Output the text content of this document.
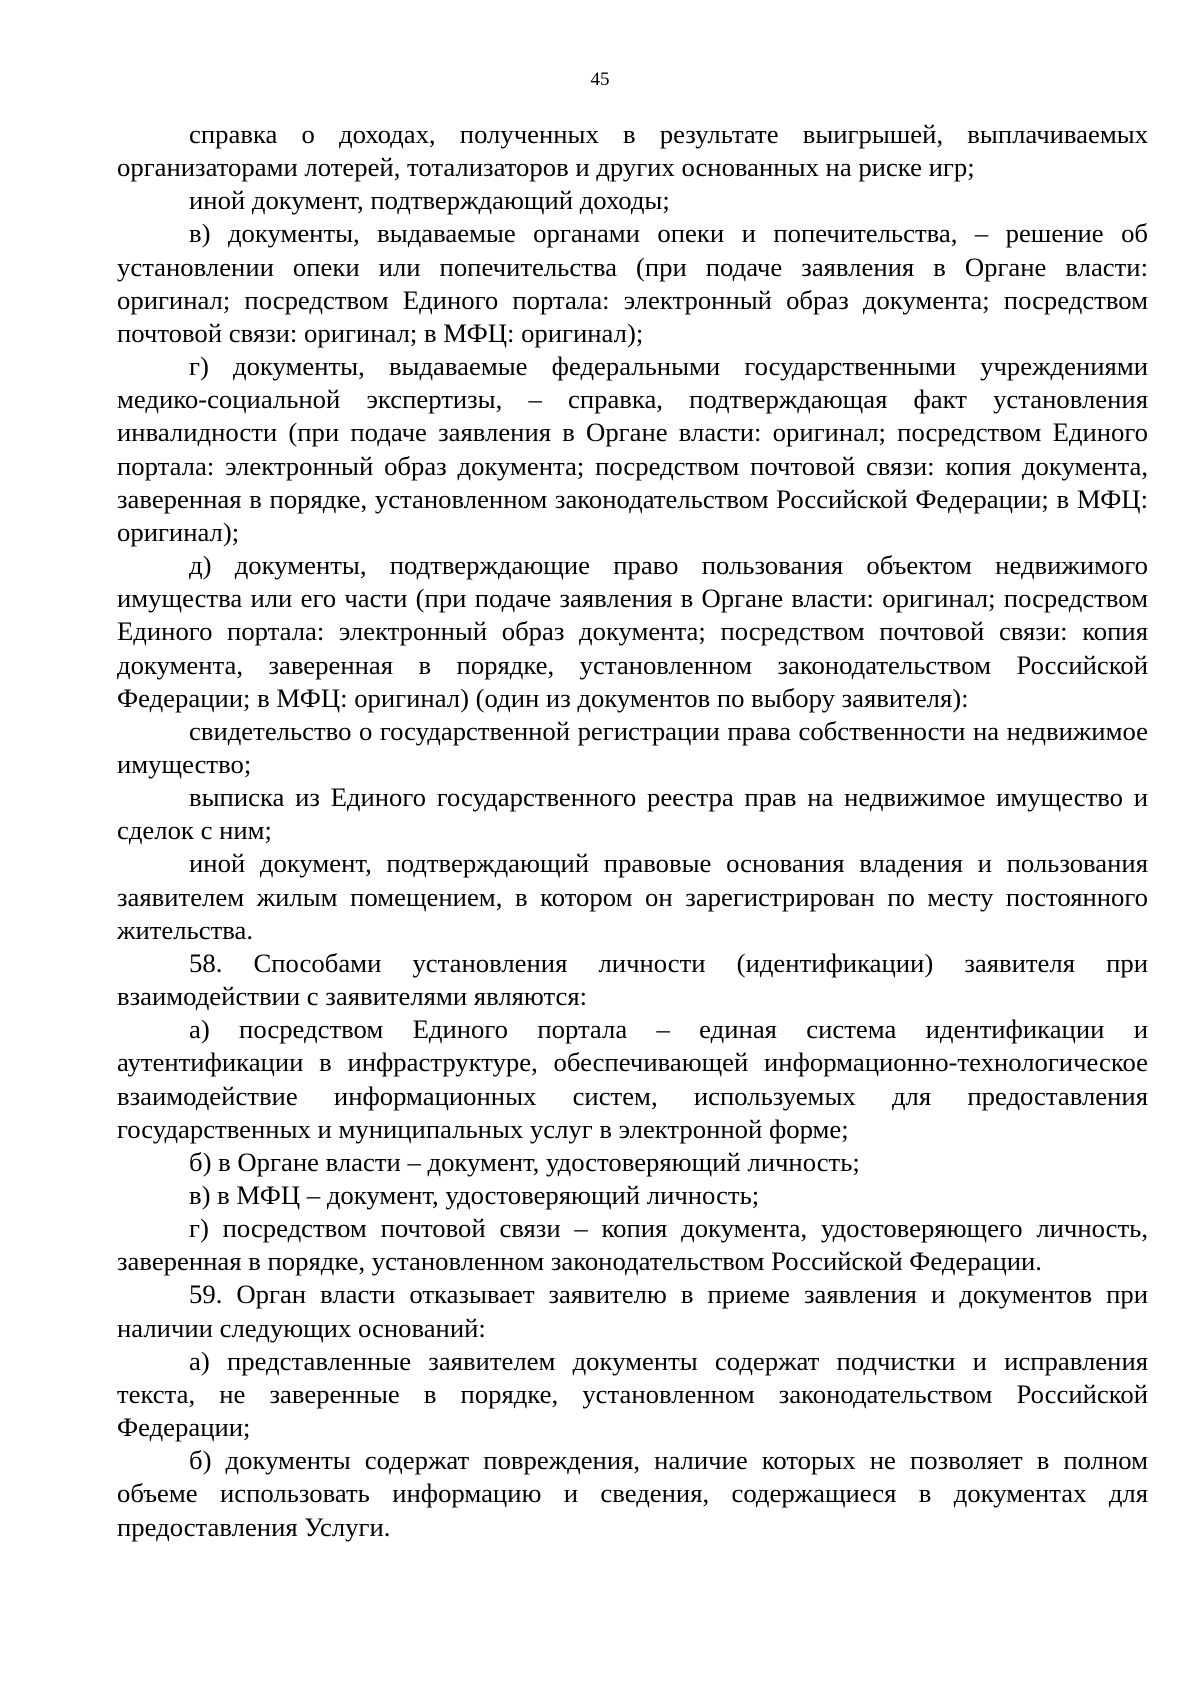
45

справка о доходах, полученных в результате выигрышей, выплачиваемых организаторами лотерей, тотализаторов и других основанных на риске игр;

иной документ, подтверждающий доходы;

в) документы, выдаваемые органами опеки и попечительства, – решение об установлении опеки или попечительства (при подаче заявления в Органе власти: оригинал; посредством Единого портала: электронный образ документа; посредством почтовой связи: оригинал; в МФЦ: оригинал);

г) документы, выдаваемые федеральными государственными учреждениями медико-социальной экспертизы, – справка, подтверждающая факт установления инвалидности (при подаче заявления в Органе власти: оригинал; посредством Единого портала: электронный образ документа; посредством почтовой связи: копия документа, заверенная в порядке, установленном законодательством Российской Федерации; в МФЦ: оригинал);

д) документы, подтверждающие право пользования объектом недвижимого имущества или его части (при подаче заявления в Органе власти: оригинал; посредством Единого портала: электронный образ документа; посредством почтовой связи: копия документа, заверенная в порядке, установленном законодательством Российской Федерации; в МФЦ: оригинал) (один из документов по выбору заявителя):

свидетельство о государственной регистрации права собственности на недвижимое имущество;

выписка из Единого государственного реестра прав на недвижимое имущество и сделок с ним;

иной документ, подтверждающий правовые основания владения и пользования заявителем жилым помещением, в котором он зарегистрирован по месту постоянного жительства.

58. Способами установления личности (идентификации) заявителя при взаимодействии с заявителями являются:

а) посредством Единого портала – единая система идентификации и аутентификации в инфраструктуре, обеспечивающей информационно-технологическое взаимодействие информационных систем, используемых для предоставления государственных и муниципальных услуг в электронной форме;

б) в Органе власти – документ, удостоверяющий личность;

в) в МФЦ – документ, удостоверяющий личность;

г) посредством почтовой связи – копия документа, удостоверяющего личность, заверенная в порядке, установленном законодательством Российской Федерации.

59. Орган власти отказывает заявителю в приеме заявления и документов при наличии следующих оснований:

а) представленные заявителем документы содержат подчистки и исправления текста, не заверенные в порядке, установленном законодательством Российской Федерации;

б) документы содержат повреждения, наличие которых не позволяет в полном объеме использовать информацию и сведения, содержащиеся в документах для предоставления Услуги.
